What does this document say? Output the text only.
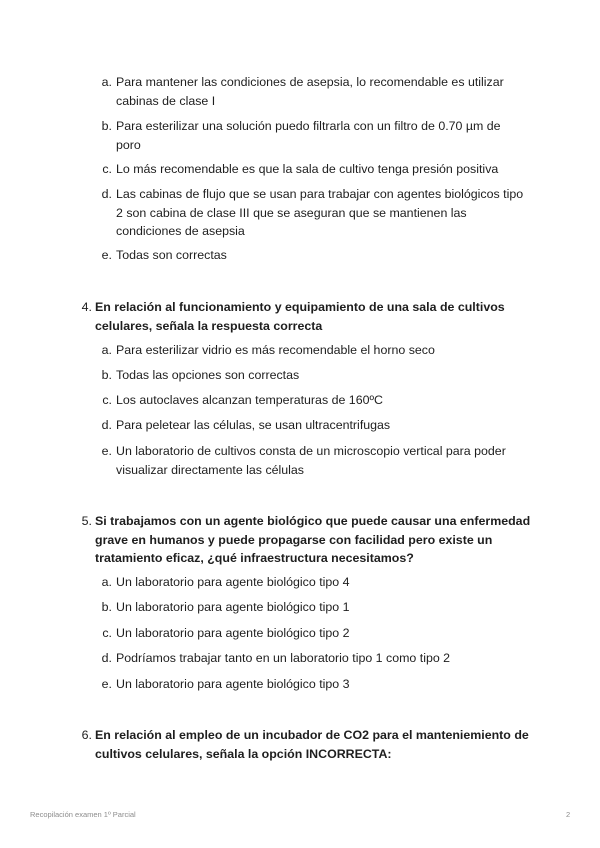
a. Para mantener las condiciones de asepsia, lo recomendable es utilizar cabinas de clase I
b. Para esterilizar una solución puedo filtrarla con un filtro de 0.70 µm de poro
c. Lo más recomendable es que la sala de cultivo tenga presión positiva
d. Las cabinas de flujo que se usan para trabajar con agentes biológicos tipo 2 son cabina de clase III que se aseguran que se mantienen las condiciones de asepsia
e. Todas son correctas
4. En relación al funcionamiento y equipamiento de una sala de cultivos celulares, señala la respuesta correcta
a. Para esterilizar vidrio es más recomendable el horno seco
b. Todas las opciones son correctas
c. Los autoclaves alcanzan temperaturas de 160ºC
d. Para peletear las células, se usan ultracentrifugas
e. Un laboratorio de cultivos consta de un microscopio vertical para poder visualizar directamente las células
5. Si trabajamos con un agente biológico que puede causar una enfermedad grave en humanos y puede propagarse con facilidad pero existe un tratamiento eficaz, ¿qué infraestructura necesitamos?
a. Un laboratorio para agente biológico tipo 4
b. Un laboratorio para agente biológico tipo 1
c. Un laboratorio para agente biológico tipo 2
d. Podríamos trabajar tanto en un laboratorio tipo 1 como tipo 2
e. Un laboratorio para agente biológico tipo 3
6. En relación al empleo de un incubador de CO2 para el manteniemiento de cultivos celulares, señala la opción INCORRECTA:
Recopilación examen 1º Parcial	2
